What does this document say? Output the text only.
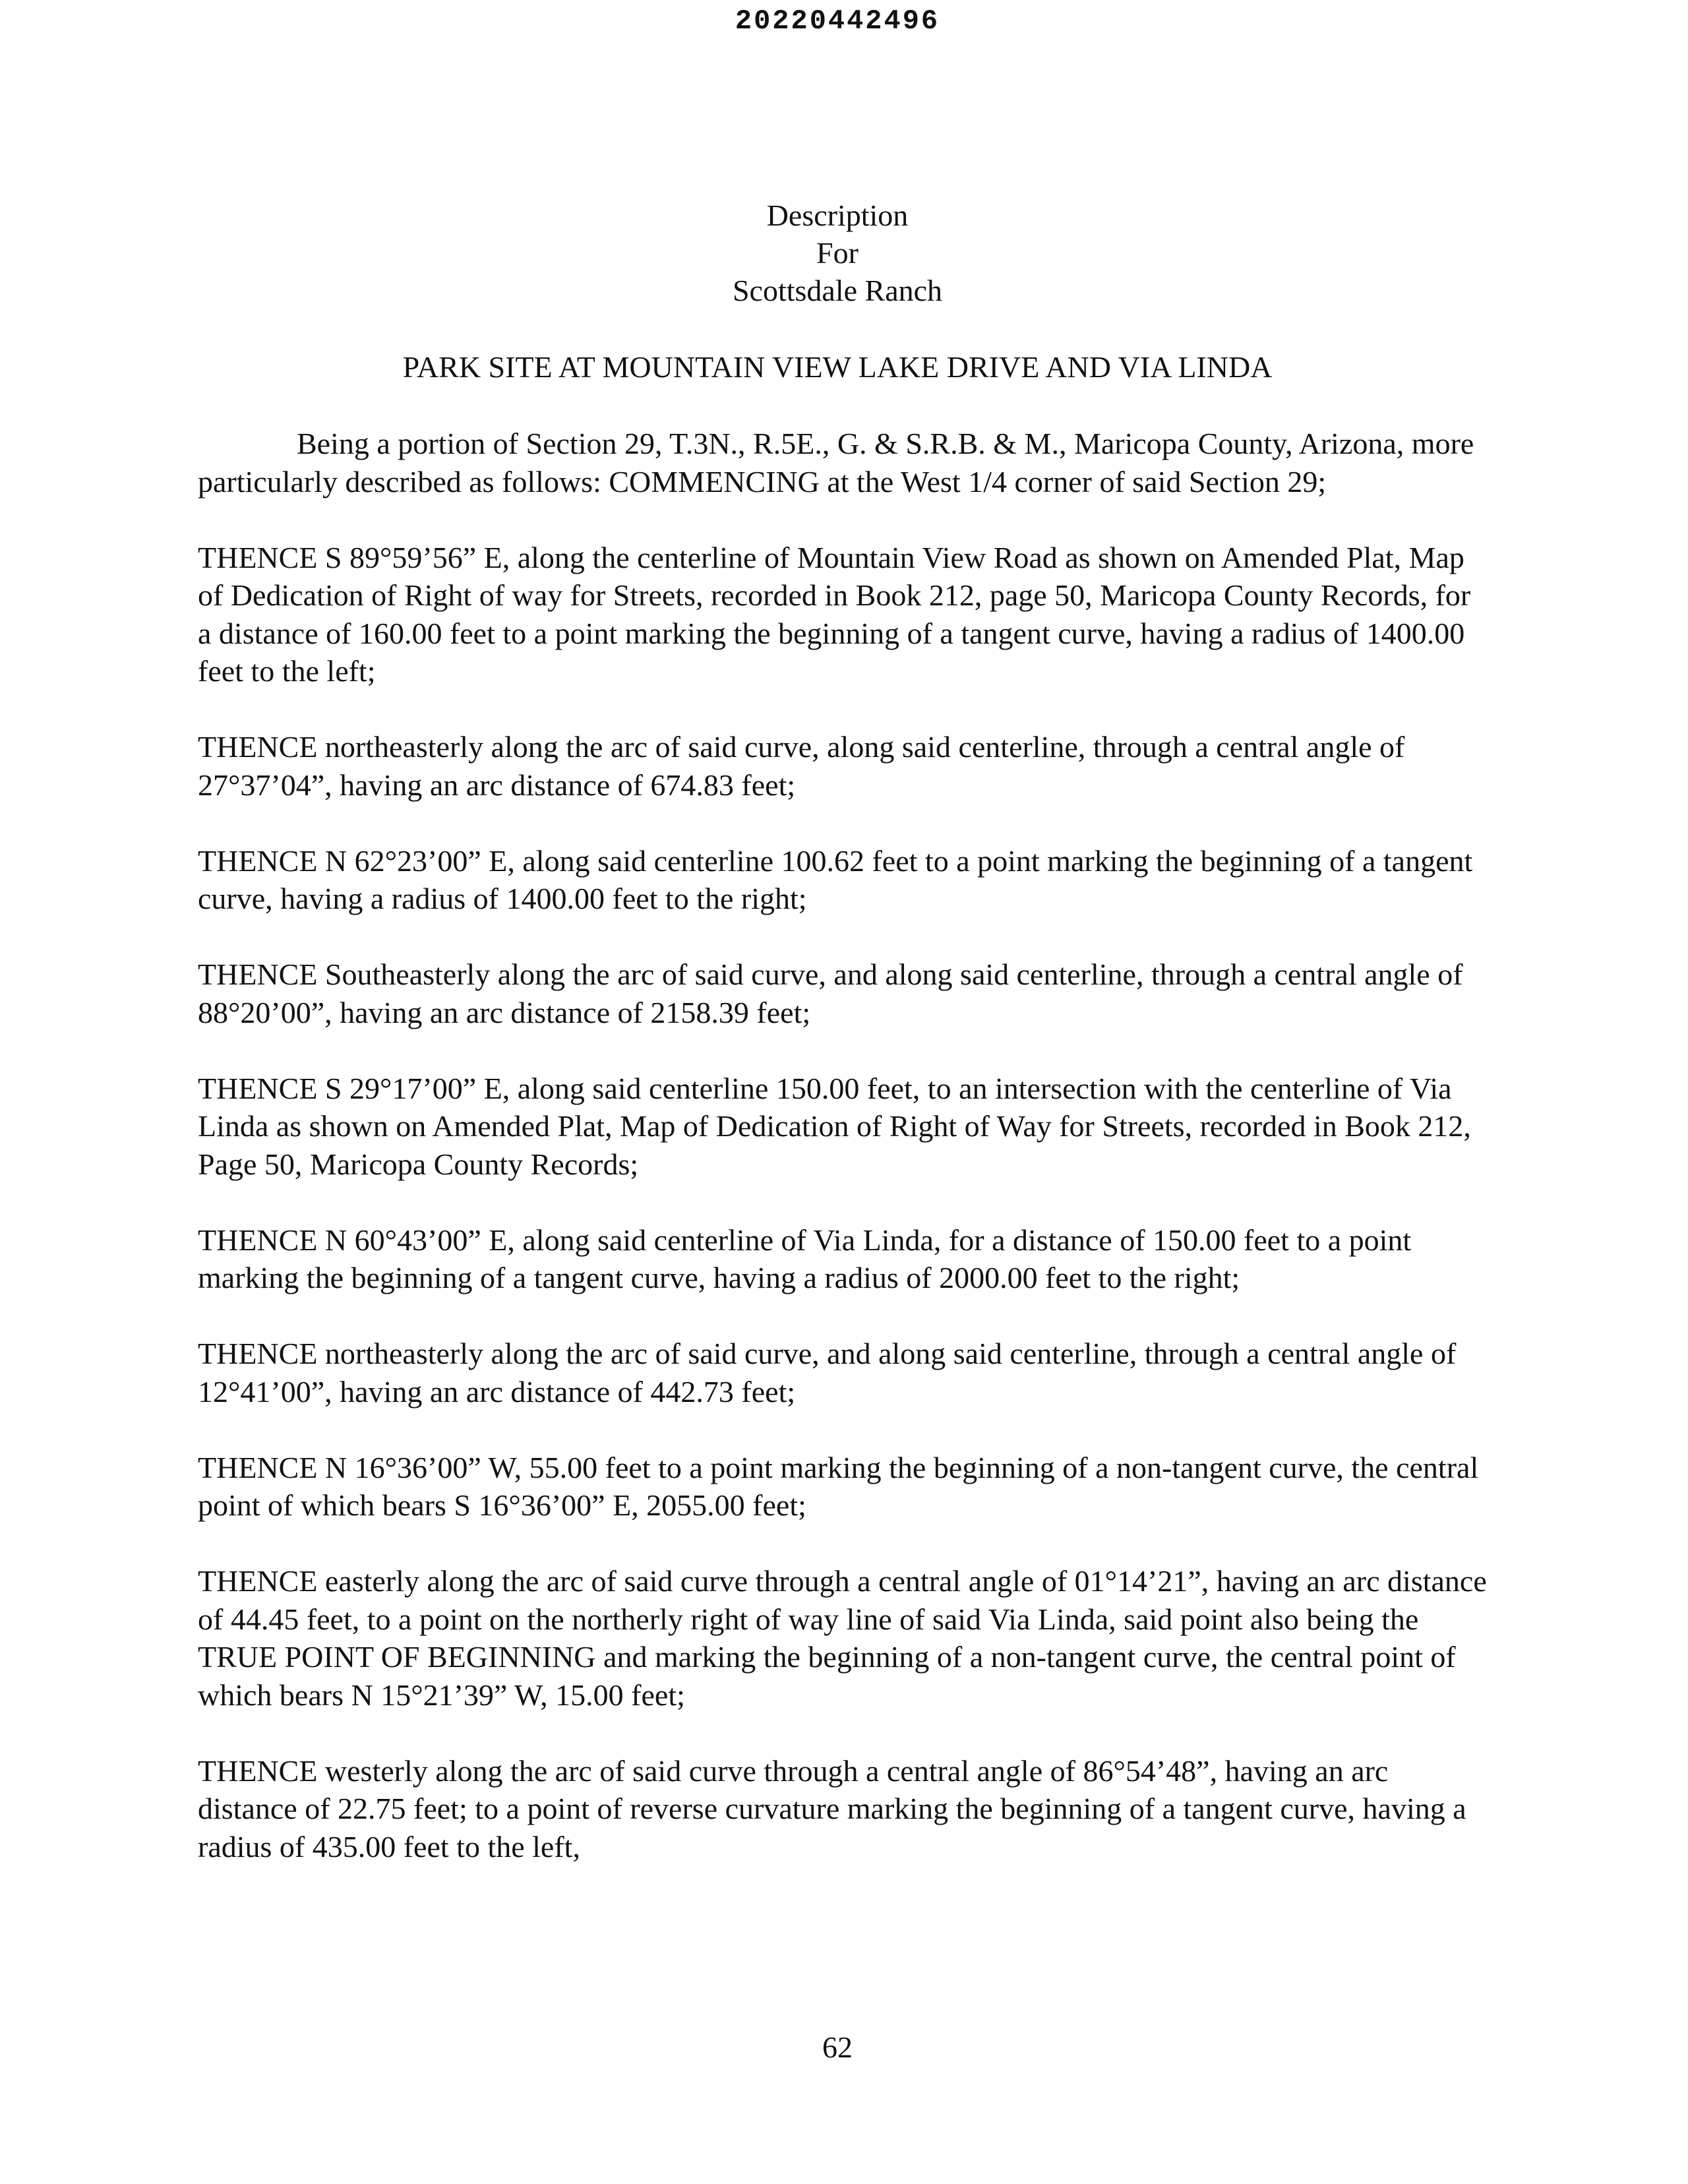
20220442496
Description
For
Scottsdale Ranch
PARK SITE AT MOUNTAIN VIEW LAKE DRIVE AND VIA LINDA

Being a portion of Section 29, T.3N., R.5E., G. & S.R.B. & M., Maricopa County, Arizona, more particularly described as follows: COMMENCING at the West 1/4 corner of said Section 29;

THENCE S 89°59’56” E, along the centerline of Mountain View Road as shown on Amended Plat, Map of Dedication of Right of way for Streets, recorded in Book 212, page 50, Maricopa County Records, for a distance of 160.00 feet to a point marking the beginning of a tangent curve, having a radius of 1400.00 feet to the left;

THENCE northeasterly along the arc of said curve, along said centerline, through a central angle of 27°37’04”, having an arc distance of 674.83 feet;

THENCE N 62°23’00” E, along said centerline 100.62 feet to a point marking the beginning of a tangent curve, having a radius of 1400.00 feet to the right;

THENCE Southeasterly along the arc of said curve, and along said centerline, through a central angle of 88°20’00”, having an arc distance of 2158.39 feet;

THENCE S 29°17’00” E, along said centerline 150.00 feet, to an intersection with the centerline of Via Linda as shown on Amended Plat, Map of Dedication of Right of Way for Streets, recorded in Book 212, Page 50, Maricopa County Records;

THENCE N 60°43’00” E, along said centerline of Via Linda, for a distance of 150.00 feet to a point marking the beginning of a tangent curve, having a radius of 2000.00 feet to the right;

THENCE northeasterly along the arc of said curve, and along said centerline, through a central angle of 12°41’00”, having an arc distance of 442.73 feet;

THENCE N 16°36’00” W, 55.00 feet to a point marking the beginning of a non-tangent curve, the central point of which bears S 16°36’00” E, 2055.00 feet;

THENCE easterly along the arc of said curve through a central angle of 01°14’21”, having an arc distance of 44.45 feet, to a point on the northerly right of way line of said Via Linda, said point also being the TRUE POINT OF BEGINNING and marking the beginning of a non-tangent curve, the central point of which bears N 15°21’39” W, 15.00 feet;

THENCE westerly along the arc of said curve through a central angle of 86°54’48”, having an arc distance of 22.75 feet; to a point of reverse curvature marking the beginning of a tangent curve, having a radius of 435.00 feet to the left,

62
